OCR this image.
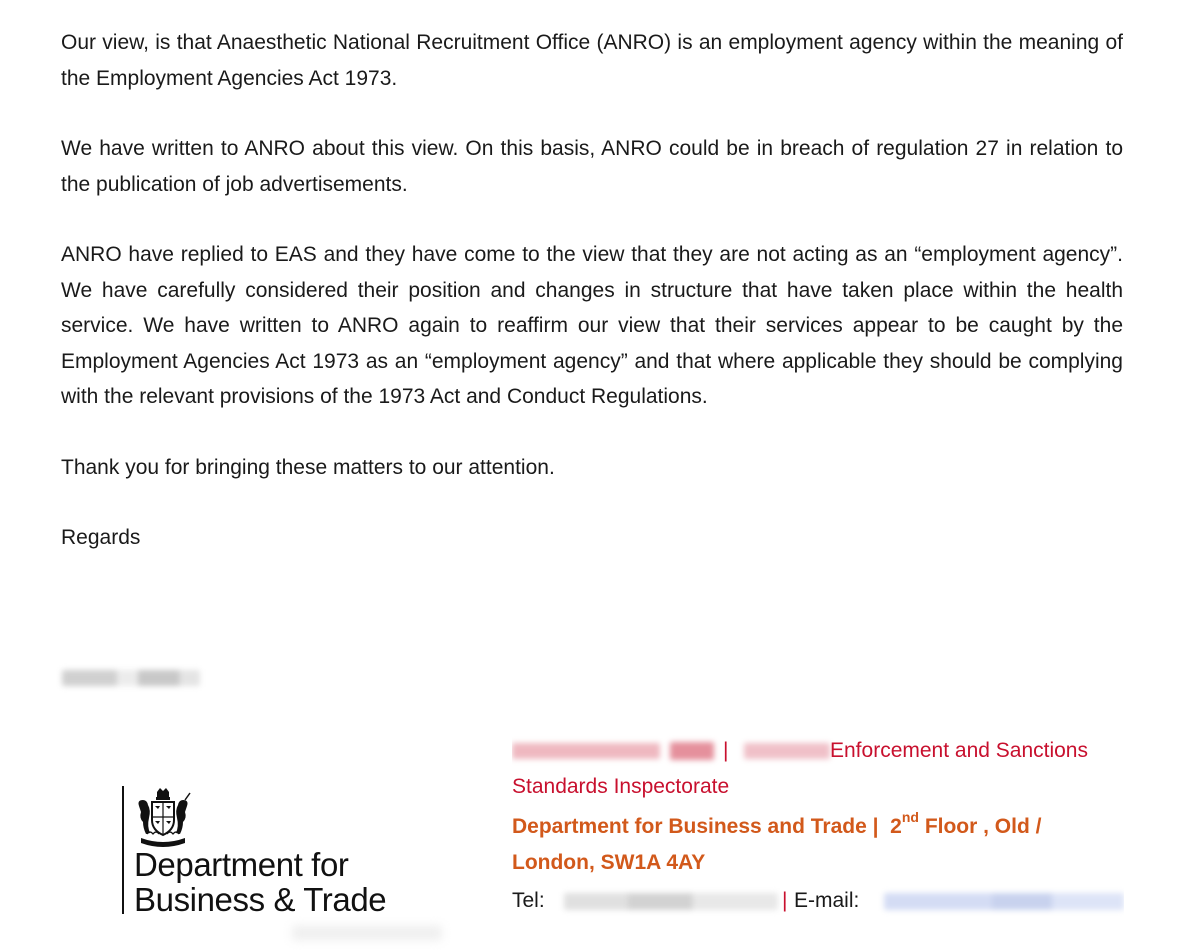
Our view, is that Anaesthetic National Recruitment Office (ANRO) is an employment agency within the meaning of the Employment Agencies Act 1973.

We have written to ANRO about this view. On this basis, ANRO could be in breach of regulation 27 in relation to the publication of job advertisements.

ANRO have replied to EAS and they have come to the view that they are not acting as an “employment agency”. We have carefully considered their position and changes in structure that have taken place within the health service. We have written to ANRO again to reaffirm our view that their services appear to be caught by the Employment Agencies Act 1973 as an “employment agency” and that where applicable they should be complying with the relevant provisions of the 1973 Act and Conduct Regulations.

Thank you for bringing these matters to our attention.

Regards

Department for
Business & Trade
|	Enforcement and Sanctions
Standards Inspectorate
Department for Business and Trade | 2nd Floor , Old /
London, SW1A 4AY
Tel:	| E-mail:
